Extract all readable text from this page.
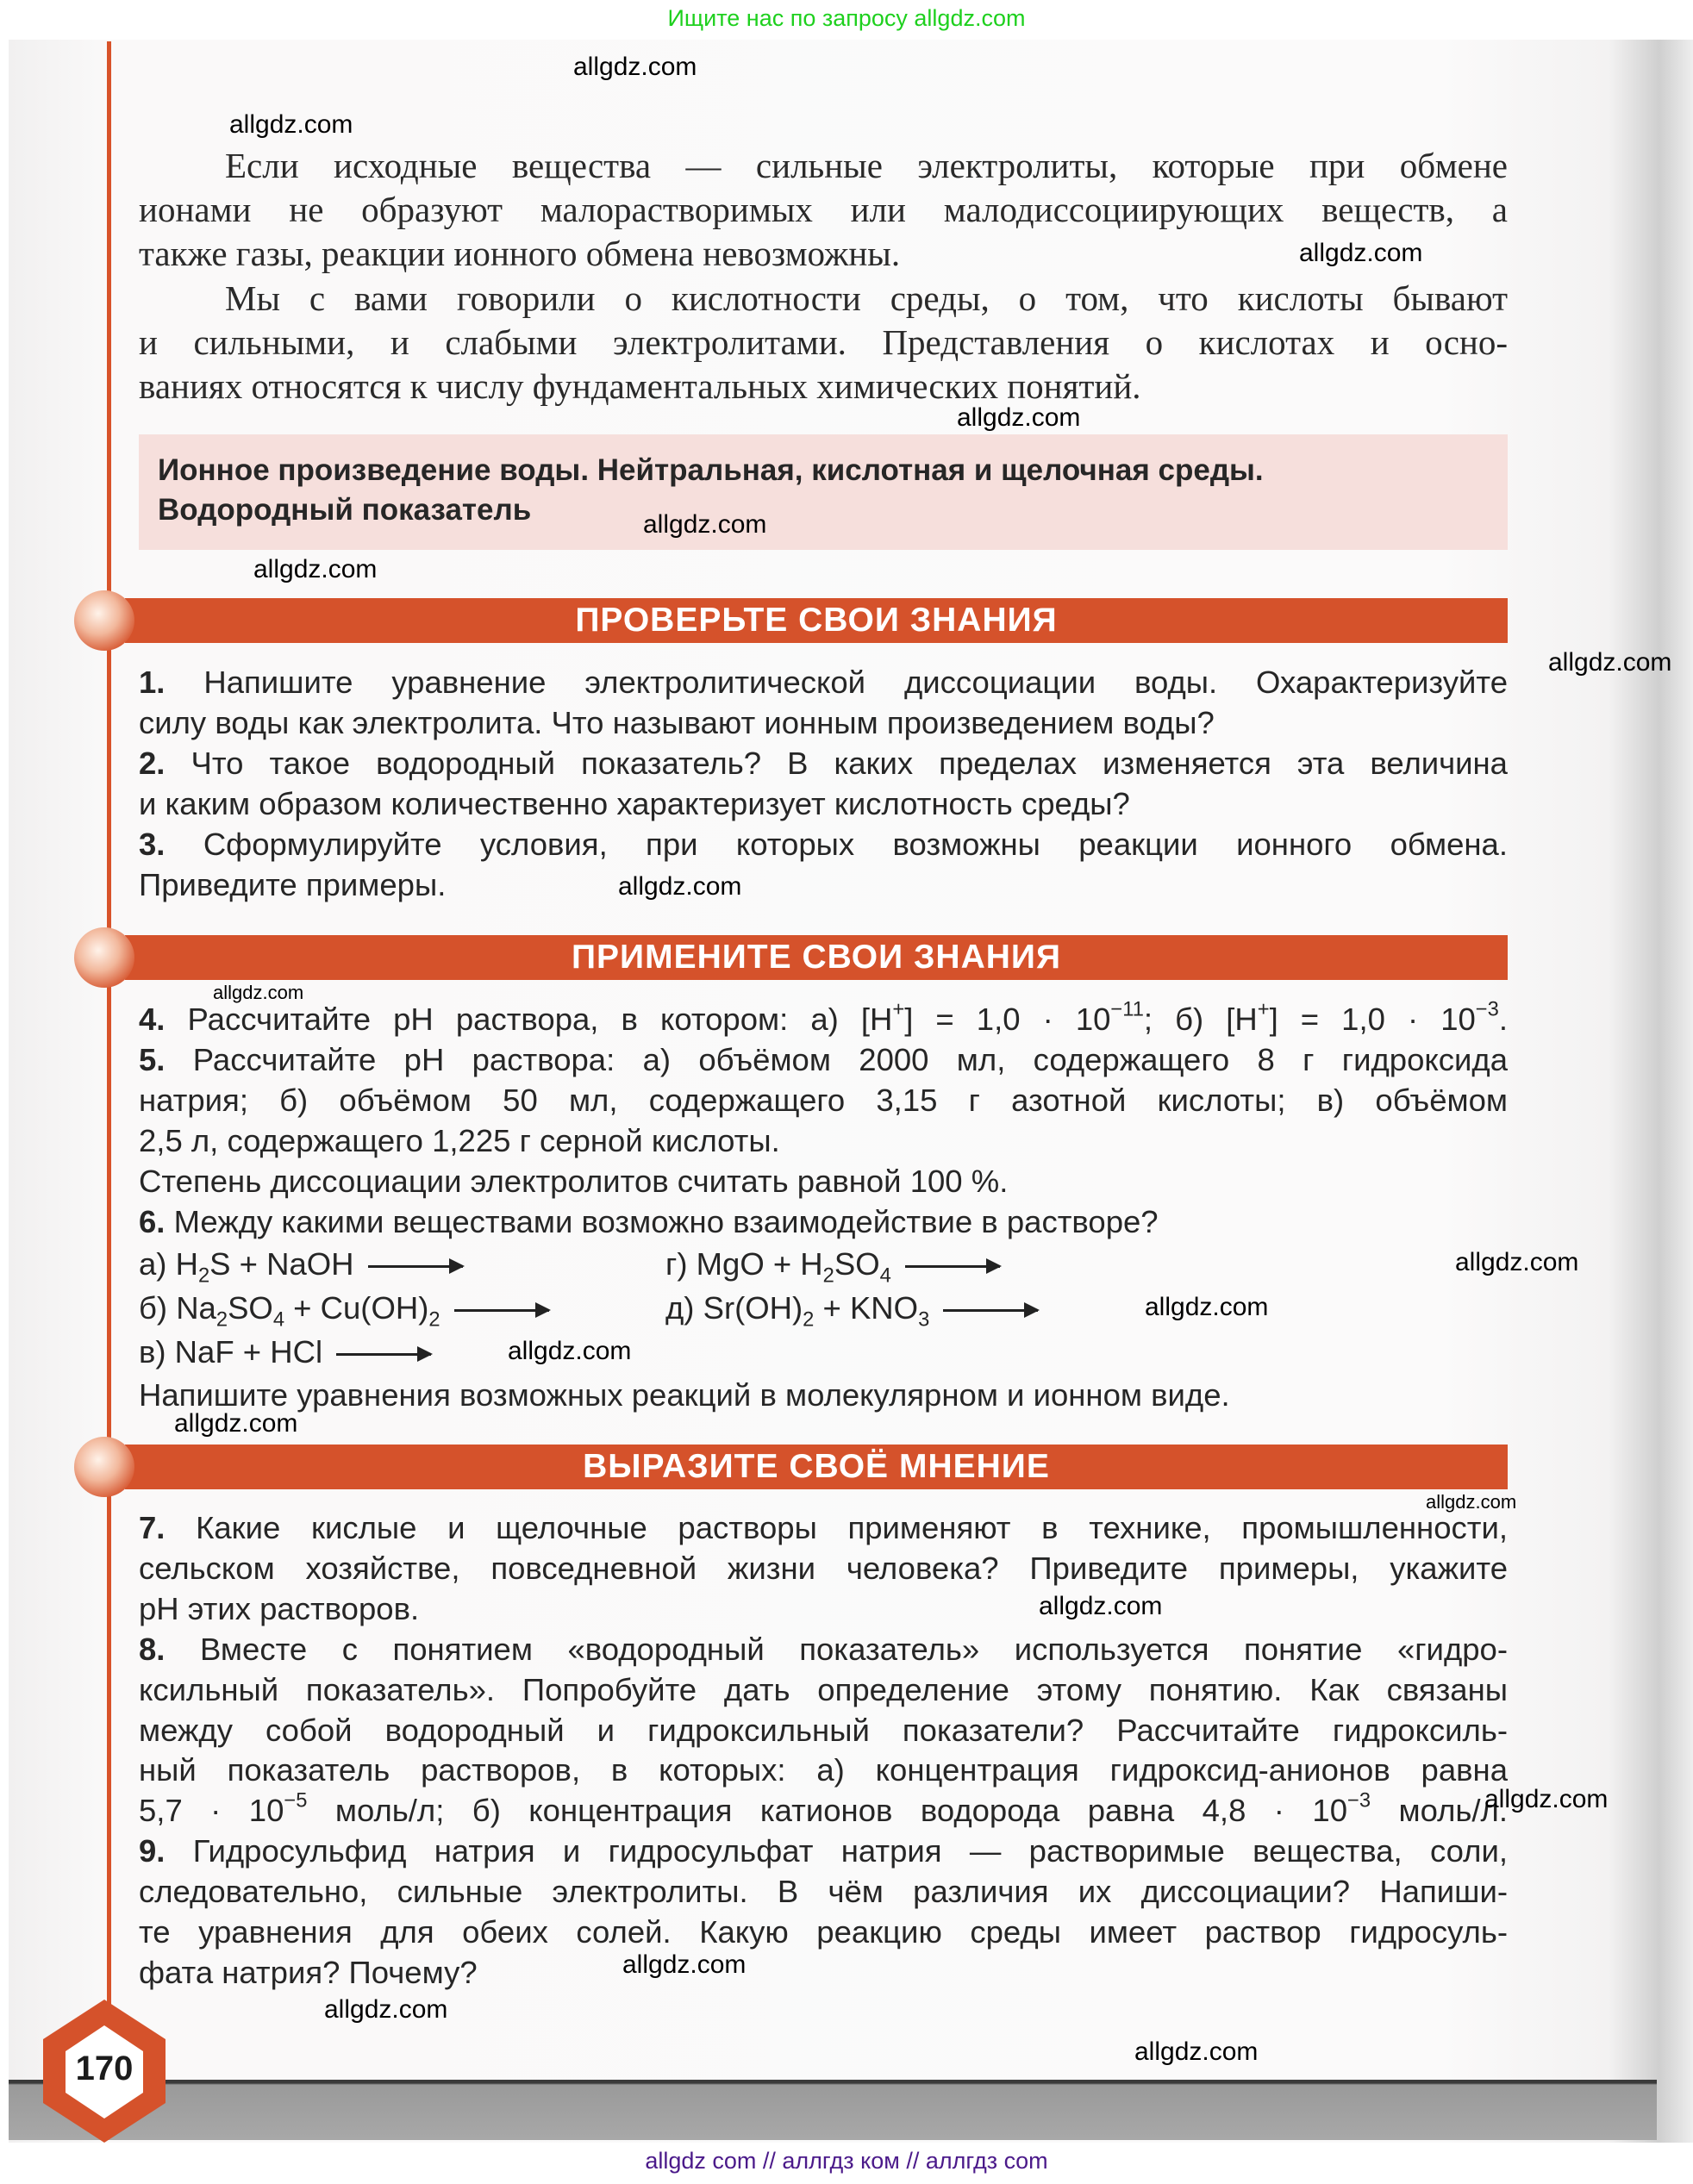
Ищите нас по запросу allgdz.com
Если исходные вещества — сильные электролиты, которые при обмене
ионами не образуют малорастворимых или малодиссоциирующих веществ, а
также газы, реакции ионного обмена невозможны.
Мы с вами говорили о кислотности среды, о том, что кислоты бывают
и сильными, и слабыми электролитами. Представления о кислотах и осно-
ваниях относятся к числу фундаментальных химических понятий.
Ионное произведение воды. Нейтральная, кислотная и щелочная среды.
Водородный показатель
ПРОВЕРЬТЕ СВОИ ЗНАНИЯ
1. Напишите уравнение электролитической диссоциации воды. Охарактеризуйте
силу воды как электролита. Что называют ионным произведением воды?
2. Что такое водородный показатель? В каких пределах изменяется эта величина
и каким образом количественно характеризует кислотность среды?
3. Сформулируйте условия, при которых возможны реакции ионного обмена.
Приведите примеры.
ПРИМЕНИТЕ СВОИ ЗНАНИЯ
4. Рассчитайте pH раствора, в котором: а) $[H^+] = 1,0 \cdot 10^{-11}$; б) $[H^+] = 1,0 \cdot 10^{-3}$.
5. Рассчитайте pH раствора: а) объёмом 2000 мл, содержащего 8 г гидроксида
натрия; б) объёмом 50 мл, содержащего 3,15 г азотной кислоты; в) объёмом
2,5 л, содержащего 1,225 г серной кислоты.
Степень диссоциации электролитов считать равной 100 %.
6. Между какими веществами возможно взаимодействие в растворе?
а) $H_2S$ + NaOH	г) MgO + $H_2SO_4$
б) $Na_2SO_4 + Cu(OH)_2$	д) $Sr(OH)_2 + KNO_3$
в) NaF + HCl
Напишите уравнения возможных реакций в молекулярном и ионном виде.
ВЫРАЗИТЕ СВОЁ МНЕНИЕ
7. Какие кислые и щелочные растворы применяют в технике, промышленности,
сельском хозяйстве, повседневной жизни человека? Приведите примеры, укажите
pH этих растворов.
8. Вместе с понятием «водородный показатель» используется понятие «гидро-
ксильный показатель». Попробуйте дать определение этому понятию. Как связаны
между собой водородный и гидроксильный показатели? Рассчитайте гидроксиль-
ный показатель растворов, в которых: а) концентрация гидроксид-анионов равна
$5,7 \cdot 10^{-5}$ моль/л; б) концентрация катионов водорода равна $4,8 \cdot 10^{-3}$ моль/л.
9. Гидросульфид натрия и гидросульфат натрия — растворимые вещества, соли,
следовательно, сильные электролиты. В чём различия их диссоциации? Напиши-
те уравнения для обеих солей. Какую реакцию среды имеет раствор гидросуль-
фата натрия? Почему?
170
allgdz.com
allgdz.com
allgdz.com
allgdz.com
allgdz.com
allgdz.com
allgdz.com
allgdz.com
allgdz.com
allgdz.com
allgdz.com
allgdz.com
allgdz.com
allgdz.com
allgdz.com
allgdz.com
allgdz.com
allgdz.com
allgdz.com
allgdz com // аллгдз ком // аллгдз com
